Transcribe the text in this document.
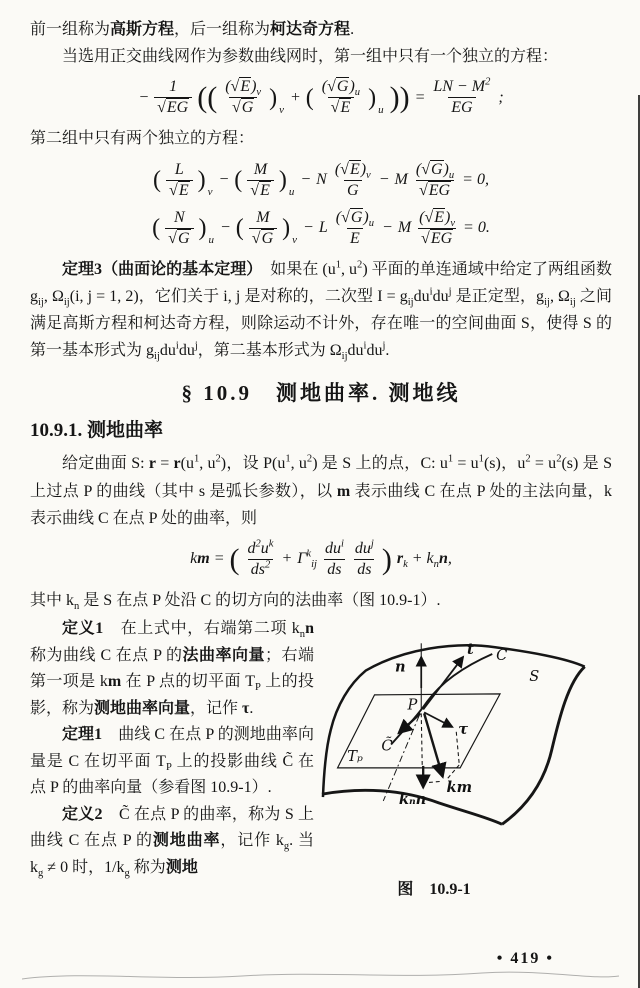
前一组称为高斯方程，后一组称为柯达奇方程.

当选用正交曲线网作为参数曲线网时，第一组中只有一个独立的方程：

− $\frac{1}{√EG}$ (( $\frac{(√E)_v}{√G}$ ) v
+ ( $\frac{(√G)_u}{√E}$ ) u )) = $\frac{LN - M^2}{EG}$ ;

第二组中只有两个独立的方程：

( $\frac{L}{√E}$ ) v
− ( $\frac{M}{√E}$ ) u
− N $\frac{(√E)_v}{G} - M \frac{(√G)_u}{√EG} = 0$,
( $\frac{N}{√G}$ ) u
− ( $\frac{M}{√G}$ ) v
− L $\frac{(√G)_u}{E} - M \frac{(√E)_v}{√EG} = 0$.

定理3（曲面论的基本定理）　如果在 ($u^1$, $u^2$) 平面的单连通域中给定了两组函数 $g_{ij}$, $\Omega_{ij}(i$, j = 1, 2)，它们关于 i, j 是对称的，二次型 $I = g_{ij}du^idu^j$ 是正定型，$g_{ij}$, $\Omega_{ij}$ 之间满足高斯方程和柯达奇方程，则除运动不计外，存在唯一的空间曲面 S，使得 S 的第一基本形式为 $g_{ij}du^idu^j$，第二基本形式为 $\Omega_{ij}du^idu^j$.

§ 10.9　测地曲率. 测地线
10.9.1. 测地曲率

给定曲面 S: $r = r(u^1$, $u^2$)，设 $P(u^1$, $u^2$) 是 S 上的点，C: $u^1 = u^1(s)$，$u^2 = u^2(s)$ 是 S 上过点 P 的曲线（其中 s 是弧长参数），以 m 表示曲线 C 在点 P 处的主法向量，k 表示曲线 C 在点 P 处的曲率，则

km = ( $\frac{d^2u^k}{ds^2} + \Gamma^k_{ij} \frac{du^i}{ds} \frac{du^j}{ds}$ ) $r_k + k_nn$,

其中 $k_n$ 是 S 在点 P 处沿 C 的切方向的法曲率（图 10.9-1）.

n
t C
S
P
τ
C̃
Tₚ
kₙn
km
图　10.9-1

定义1　在上式中，右端第二项 $k_nn$ 称为曲线 C 在点 P 的法曲率向量；右端第一项是 km 在 P 点的切平面 $T_P$ 上的投影，称为测地曲率向量，记作 τ.

定理1　曲线 C 在点 P 的测地曲率向量是 C 在切平面 $T_P$ 上的投影曲线 C̃ 在点 P 的曲率向量（参看图 10.9-1）.

定义2　C̃ 在点 P 的曲率，称为 S 上曲线 C 在点 P 的测地曲率，记作 $k_g$. 当 $k_g \ne 0$ 时，$1/k_g$ 称为测地

• 419 •
